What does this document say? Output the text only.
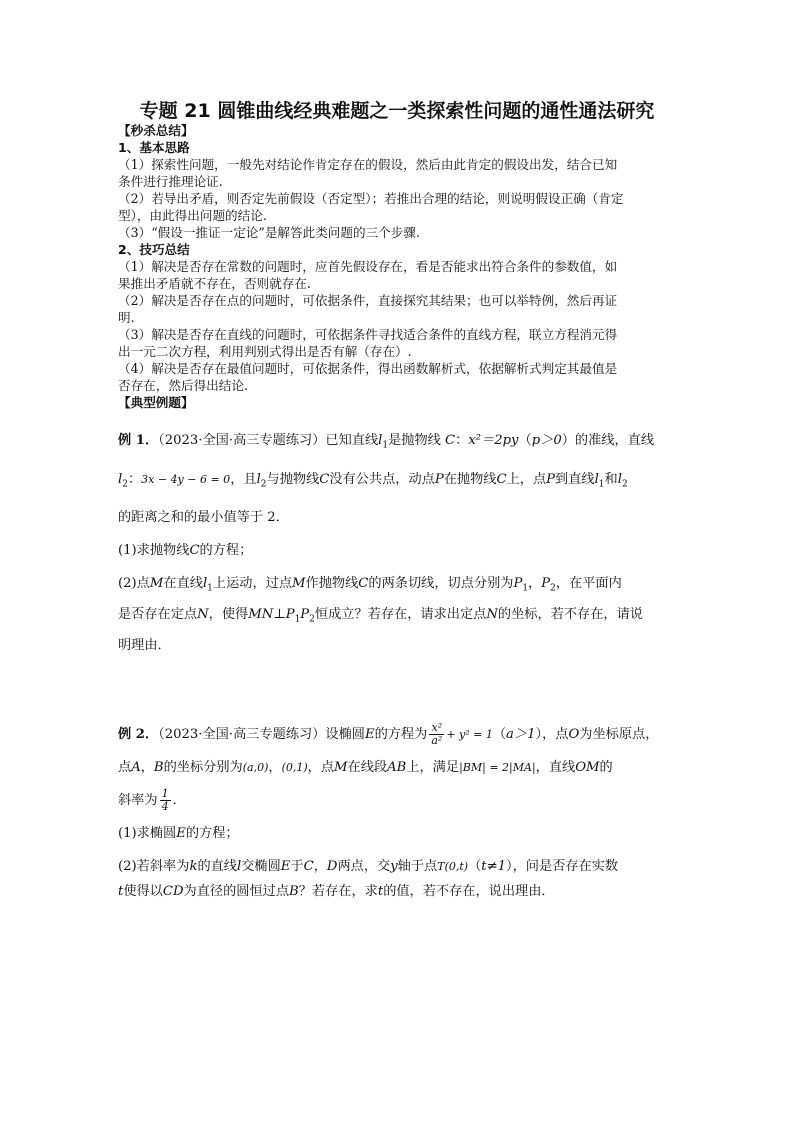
专题 21 圆锥曲线经典难题之一类探索性问题的通性通法研究
【秒杀总结】
1、基本思路
（1）探索性问题，一般先对结论作肯定存在的假设，然后由此肯定的假设出发，结合已知
条件进行推理论证.
（2）若导出矛盾，则否定先前假设（否定型）；若推出合理的结论，则说明假设正确（肯定
型），由此得出问题的结论.
（3）“假设一推证一定论”是解答此类问题的三个步骤.
2、技巧总结
（1）解决是否存在常数的问题时，应首先假设存在，看是否能求出符合条件的参数值，如
果推出矛盾就不存在，否则就存在.
（2）解决是否存在点的问题时，可依据条件，直接探究其结果；也可以举特例，然后再证
明.
（3）解决是否存在直线的问题时，可依据条件寻找适合条件的直线方程，联立方程消元得
出一元二次方程，利用判别式得出是否有解（存在）.
（4）解决是否存在最值问题时，可依据条件，得出函数解析式，依据解析式判定其最值是
否存在，然后得出结论.
【典型例题】

例 1．（2023·全国·高三专题练习）已知直线$l_1$是抛物线 C：x²＝2py（p＞0）的准线，直线

$l_2$：3x − 4y − 6 = 0，且$l_2$与抛物线C没有公共点，动点P在抛物线C上，点P到直线$l_1$和$l_2$

的距离之和的最小值等于 2．

(1)求抛物线C的方程；

(2)点M在直线$l_1$上运动，过点M作抛物线C的两条切线，切点分别为$P_1$，$P_2$，在平面内
是否存在定点N，使得$MN\perp P_1P_2$恒成立？若存在，请求出定点N的坐标，若不存在，请说
明理由．

例 2．（2023·全国·高三专题练习）设椭圆E的方程为 $\frac{\text{x²}}{\text{a²}} + y^2 = 1(a>1)$，点O为坐标原点，

点A，B的坐标分别为(a,0)，(0,1)，点M在线段AB上，满足|BM| = 2|MA|，直线OM的

斜率为 $\frac{1}{4}$ ．

(1)求椭圆E的方程；

(2)若斜率为k的直线l交椭圆E于C，D两点，交y轴于点T(0,t)（t≠1），问是否存在实数
t使得以CD为直径的圆恒过点B？若存在，求t的值，若不存在，说出理由．
